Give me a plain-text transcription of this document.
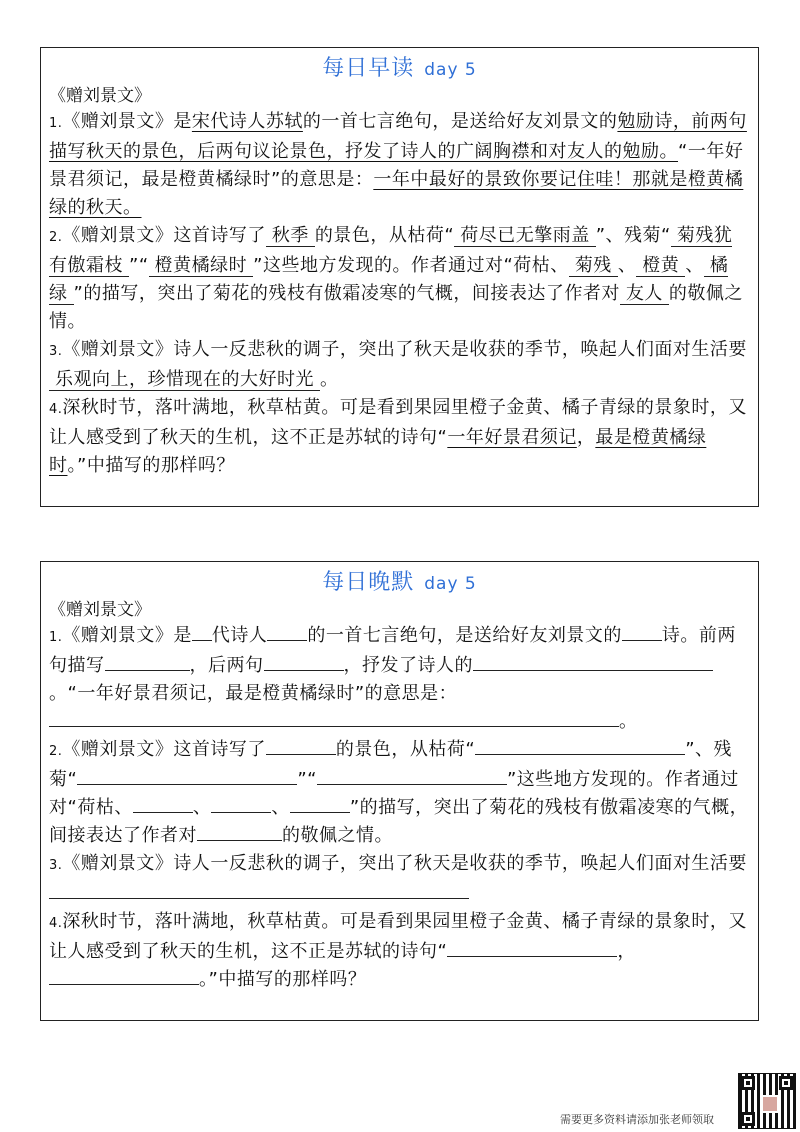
每日早读 day 5
《赠刘景文》
1.《赠刘景文》是宋代诗人苏轼的一首七言绝句，是送给好友刘景文的勉励诗，前两句描写秋天的景色，后两句议论景色，抒发了诗人的广阔胸襟和对友人的勉励。“一年好景君须记，最是橙黄橘绿时”的意思是：一年中最好的景致你要记住哇！那就是橙黄橘绿的秋天。
2.《赠刘景文》这首诗写了 秋季 的景色，从枯荷“ 荷尽已无擎雨盖 ”、残菊“ 菊残犹有傲霜枝 ”“ 橙黄橘绿时 ”这些地方发现的。作者通过对“荷枯、 菊残 、 橙黄 、 橘绿 ”的描写，突出了菊花的残枝有傲霜凌寒的气概，间接表达了作者对 友人 的敬佩之情。
3.《赠刘景文》诗人一反悲秋的调子，突出了秋天是收获的季节，唤起人们面对生活要乐观向上，珍惜现在的大好时光 。
4.深秋时节，落叶满地，秋草枯黄。可是看到果园里橙子金黄、橘子青绿的景象时，又让人感受到了秋天的生机，这不正是苏轼的诗句“一年好景君须记，最是橙黄橘绿时。”中描写的那样吗？
每日晚默 day 5
《赠刘景文》
1.《赠刘景文》是 代诗人 的一首七言绝句，是送给好友刘景文的 诗。前两句描写	，后两句	，抒发了诗人的。“一年好景君须记，最是橙黄橘绿时”的意思是：。
2.《赠刘景文》这首诗写了	的景色，从枯荷“	”、残菊“	”“	”这些地方发现的。作者通过对“荷枯、	、	、	”的描写，突出了菊花的残枝有傲霜凌寒的气概，间接表达了作者对	的敬佩之情。
3.《赠刘景文》诗人一反悲秋的调子，突出了秋天是收获的季节，唤起人们面对生活要
4.深秋时节，落叶满地，秋草枯黄。可是看到果园里橙子金黄、橘子青绿的景象时，又让人感受到了秋天的生机，这不正是苏轼的诗句“	，。”中描写的那样吗？
需要更多资料请添加张老师领取
